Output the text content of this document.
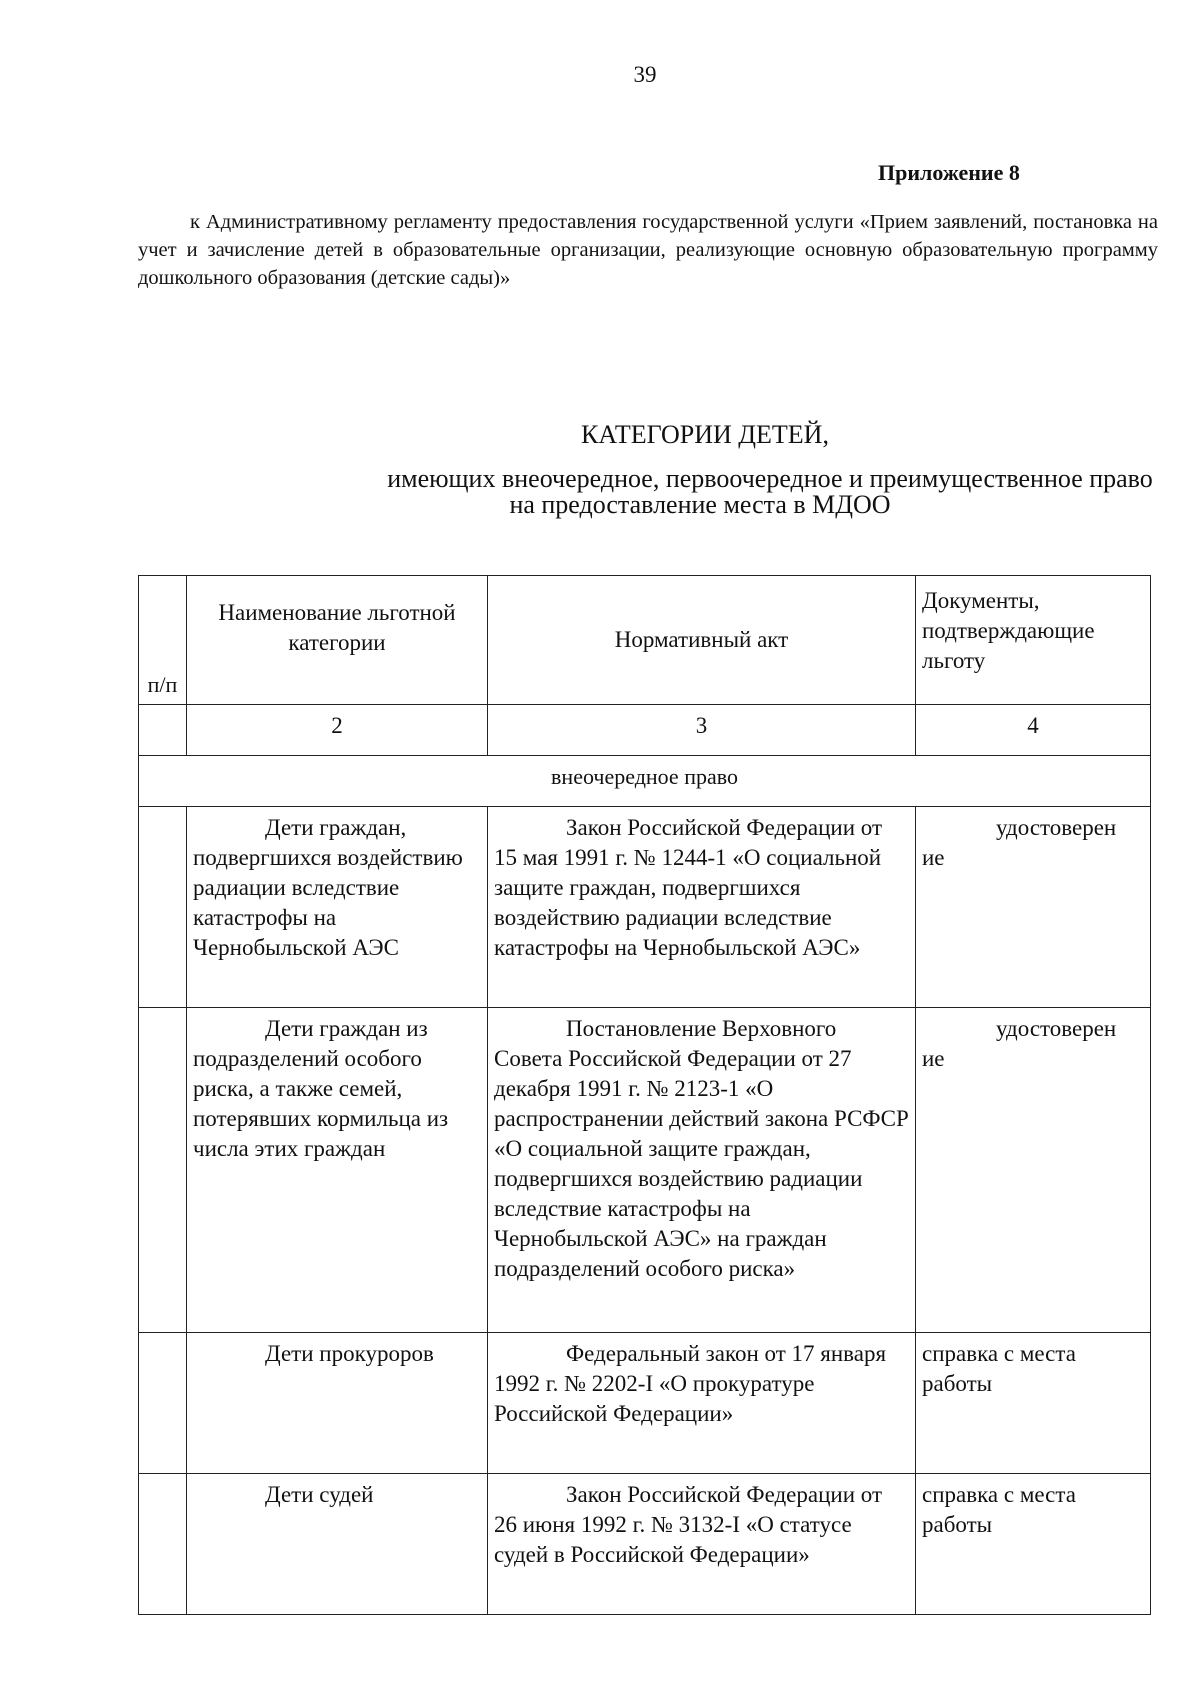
39
Приложение 8
к Административному регламенту предоставления государственной услуги «Прием заявлений, постановка на учет и зачисление детей в образовательные организации, реализующие основную образовательную программу дошкольного образования (детские сады)»
КАТЕГОРИИ ДЕТЕЙ,
имеющих внеочередное, первоочередное и преимущественное право
на предоставление места в МДОО
п/п	Наименование льготной категории	Нормативный акт	Документы, подтверждающие льготу
	2	3	4
внеочередное право			
	Дети граждан, подвергшихся воздействию радиации вследствие катастрофы на Чернобыльской АЭС	Закон Российской Федерации от 15 мая 1991 г. № 1244-1 «О социальной защите граждан, подвергшихся воздействию радиации вследствие катастрофы на Чернобыльской АЭС»	удостоверен
ие
	Дети граждан из подразделений особого риска, а также семей, потерявших кормильца из числа этих граждан	Постановление Верховного Совета Российской Федерации от 27 декабря 1991 г. № 2123-1 «О распространении действий закона РСФСР «О социальной защите граждан, подвергшихся воздействию радиации вследствие катастрофы на Чернобыльской АЭС» на граждан подразделений особого риска»	удостоверен
ие
	Дети прокуроров	Федеральный закон от 17 января 1992 г. № 2202-I «О прокуратуре Российской Федерации»	справка с места работы
	Дети судей	Закон Российской Федерации от 26 июня 1992 г. № 3132-I «О статусе судей в Российской Федерации»	справка с места работы
